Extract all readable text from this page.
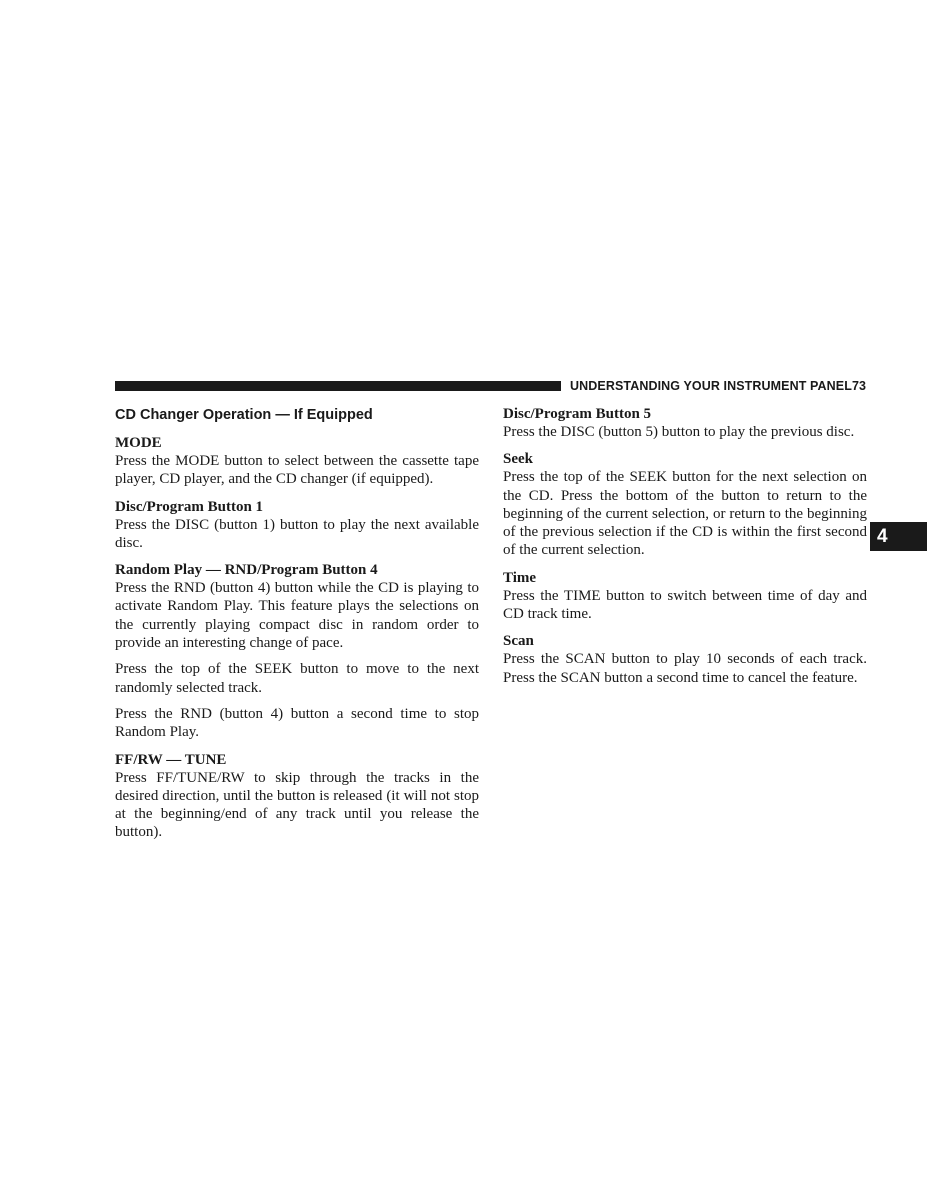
UNDERSTANDING YOUR INSTRUMENT PANEL 73
4
CD Changer Operation — If Equipped
MODE

Press the MODE button to select between the cassette tape player, CD player, and the CD changer (if equipped).

Disc/Program Button 1

Press the DISC (button 1) button to play the next available disc.

Random Play — RND/Program Button 4

Press the RND (button 4) button while the CD is playing to activate Random Play. This feature plays the selections on the currently playing compact disc in random order to provide an interesting change of pace.

Press the top of the SEEK button to move to the next randomly selected track.

Press the RND (button 4) button a second time to stop Random Play.

FF/RW — TUNE

Press FF/TUNE/RW to skip through the tracks in the desired direction, until the button is released (it will not stop at the beginning/end of any track until you release the button).

Disc/Program Button 5

Press the DISC (button 5) button to play the previous disc.

Seek

Press the top of the SEEK button for the next selection on the CD. Press the bottom of the button to return to the beginning of the current selection, or return to the beginning of the previous selection if the CD is within the first second of the current selection.

Time

Press the TIME button to switch between time of day and CD track time.

Scan

Press the SCAN button to play 10 seconds of each track. Press the SCAN button a second time to cancel the feature.
